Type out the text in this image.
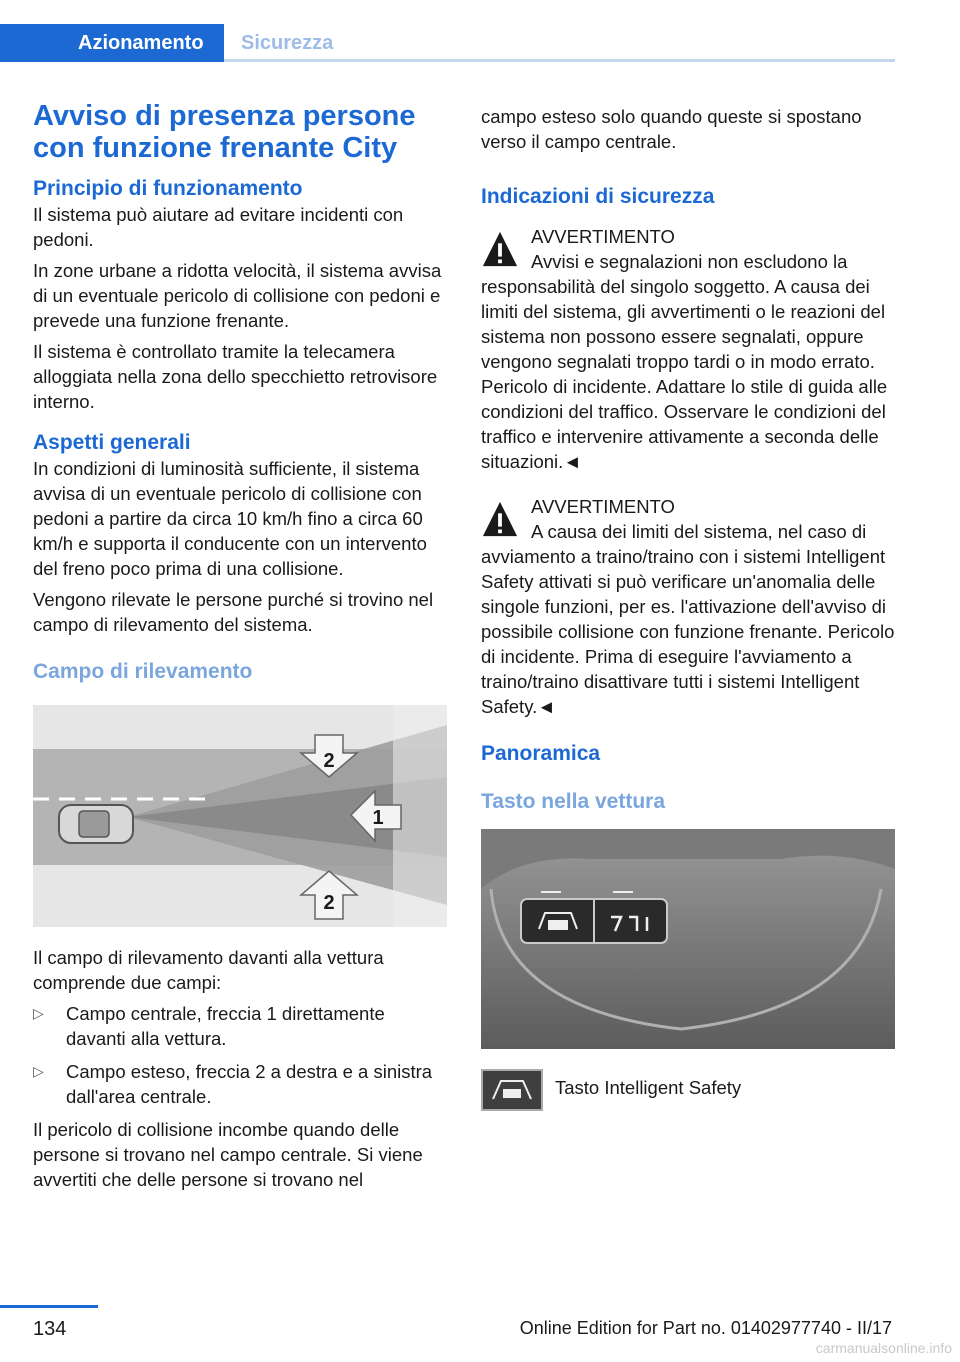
Azionamento	Sicurezza
Avviso di presenza persone con funzione frenante City
Principio di funzionamento

Il sistema può aiutare ad evitare incidenti con pedoni.

In zone urbane a ridotta velocità, il sistema avvisa di un eventuale pericolo di collisione con pedoni e prevede una funzione frenante.

Il sistema è controllato tramite la telecamera alloggiata nella zona dello specchietto retrovisore interno.

Aspetti generali

In condizioni di luminosità sufficiente, il sistema avvisa di un eventuale pericolo di collisione con pedoni a partire da circa 10 km/h fino a circa 60 km/h e supporta il conducente con un intervento del freno poco prima di una collisione.

Vengono rilevate le persone purché si trovino nel campo di rilevamento del sistema.

Campo di rilevamento
2
1
2

Il campo di rilevamento davanti alla vettura comprende due campi:

▷ Campo centrale, freccia 1 direttamente davanti alla vettura.
▷ Campo esteso, freccia 2 a destra e a sinistra dall'area centrale.

Il pericolo di collisione incombe quando delle persone si trovano nel campo centrale. Si viene avvertiti che delle persone si trovano nel

campo esteso solo quando queste si spostano verso il campo centrale.

Indicazioni di sicurezza

AVVERTIMENTO

Avvisi e segnalazioni non escludono la

responsabilità del singolo soggetto. A causa dei limiti del sistema, gli avvertimenti o le reazioni del sistema non possono essere segnalati, oppure vengono segnalati troppo tardi o in modo errato. Pericolo di incidente. Adattare lo stile di guida alle condizioni del traffico. Osservare le condizioni del traffico e intervenire attivamente a seconda delle situazioni.◄

AVVERTIMENTO

A causa dei limiti del sistema, nel caso di

avviamento a traino/traino con i sistemi Intelligent Safety attivati si può verificare un'anomalia delle singole funzioni, per es. l'attivazione dell'avviso di possibile collisione con funzione frenante. Pericolo di incidente. Prima di eseguire l'avviamento a traino/traino disattivare tutti i sistemi Intelligent Safety.◄

Panoramica
Tasto nella vettura
Tasto Intelligent Safety
134	Online Edition for Part no. 01402977740 - II/17
carmanualsonline.info
